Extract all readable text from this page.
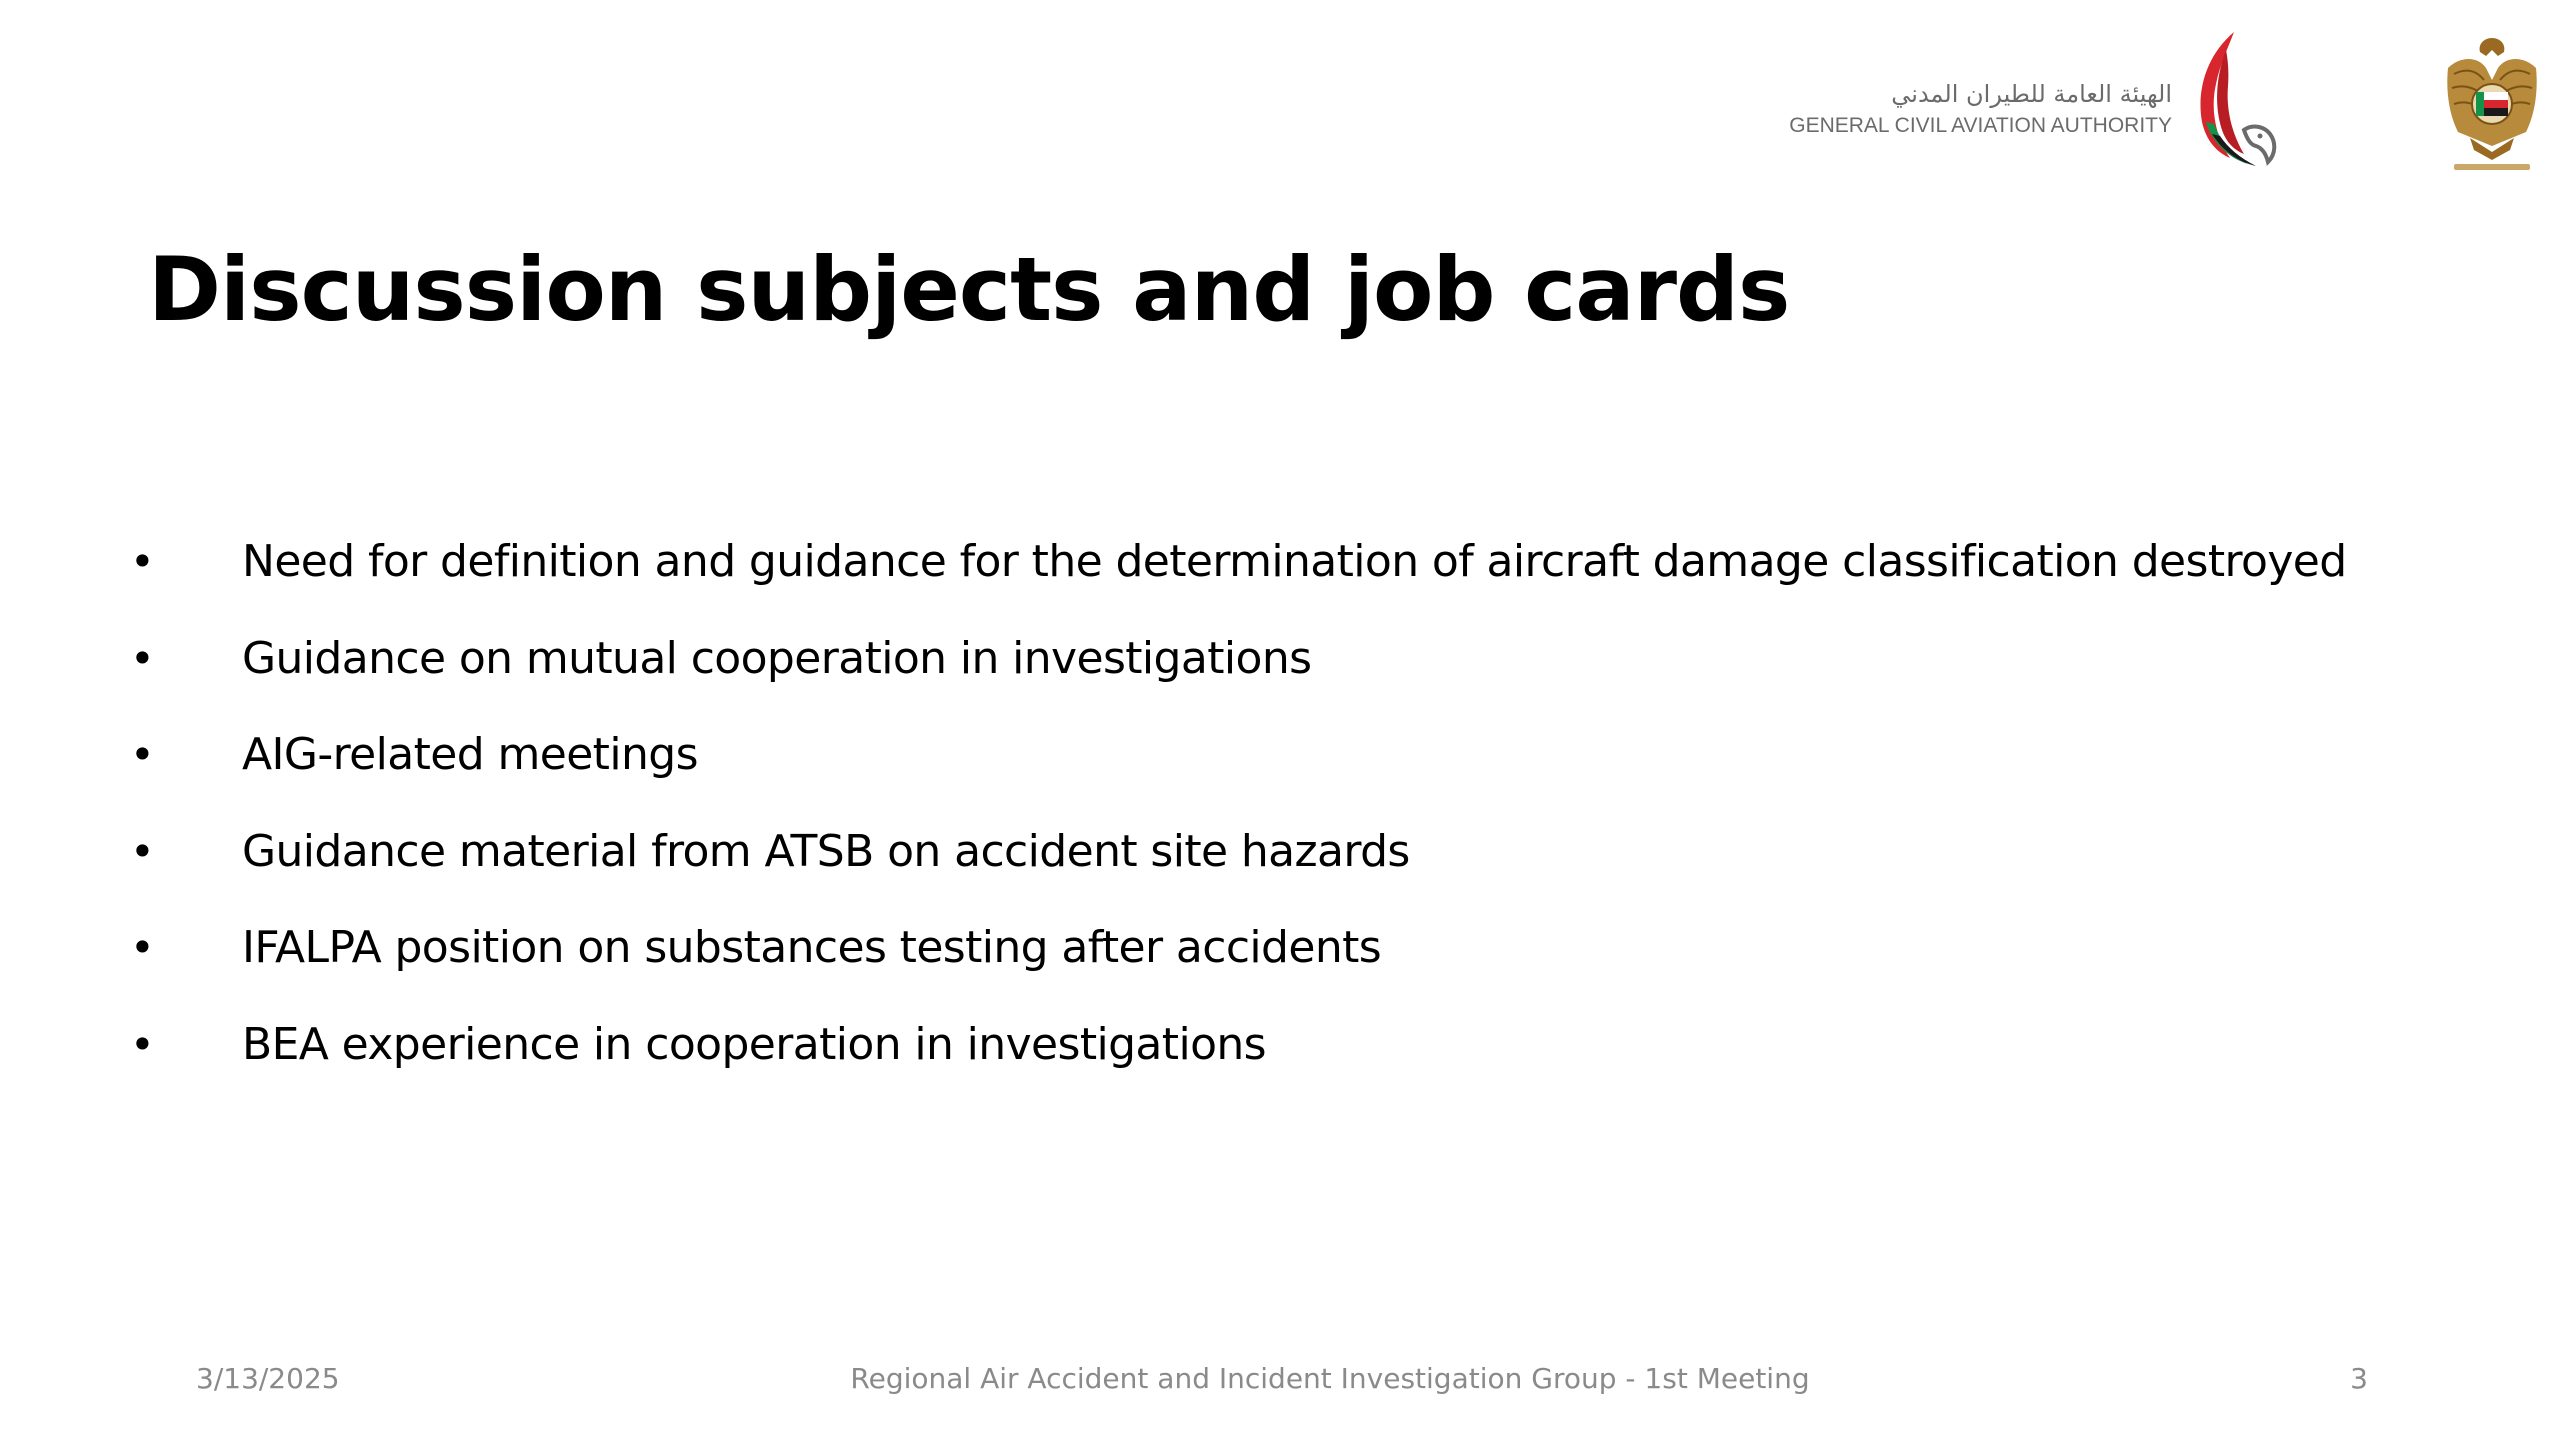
الهيئة العامة للطيران المدني
GENERAL CIVIL AVIATION AUTHORITY
Discussion subjects and job cards
•	Need for definition and guidance for the determination of aircraft damage classification destroyed
•	Guidance on mutual cooperation in investigations
•	AIG-related meetings
•	Guidance material from ATSB on accident site hazards
•	IFALPA position on substances testing after accidents
•	BEA experience in cooperation in investigations
3/13/2025	Regional Air Accident and Incident Investigation Group - 1st Meeting	3
